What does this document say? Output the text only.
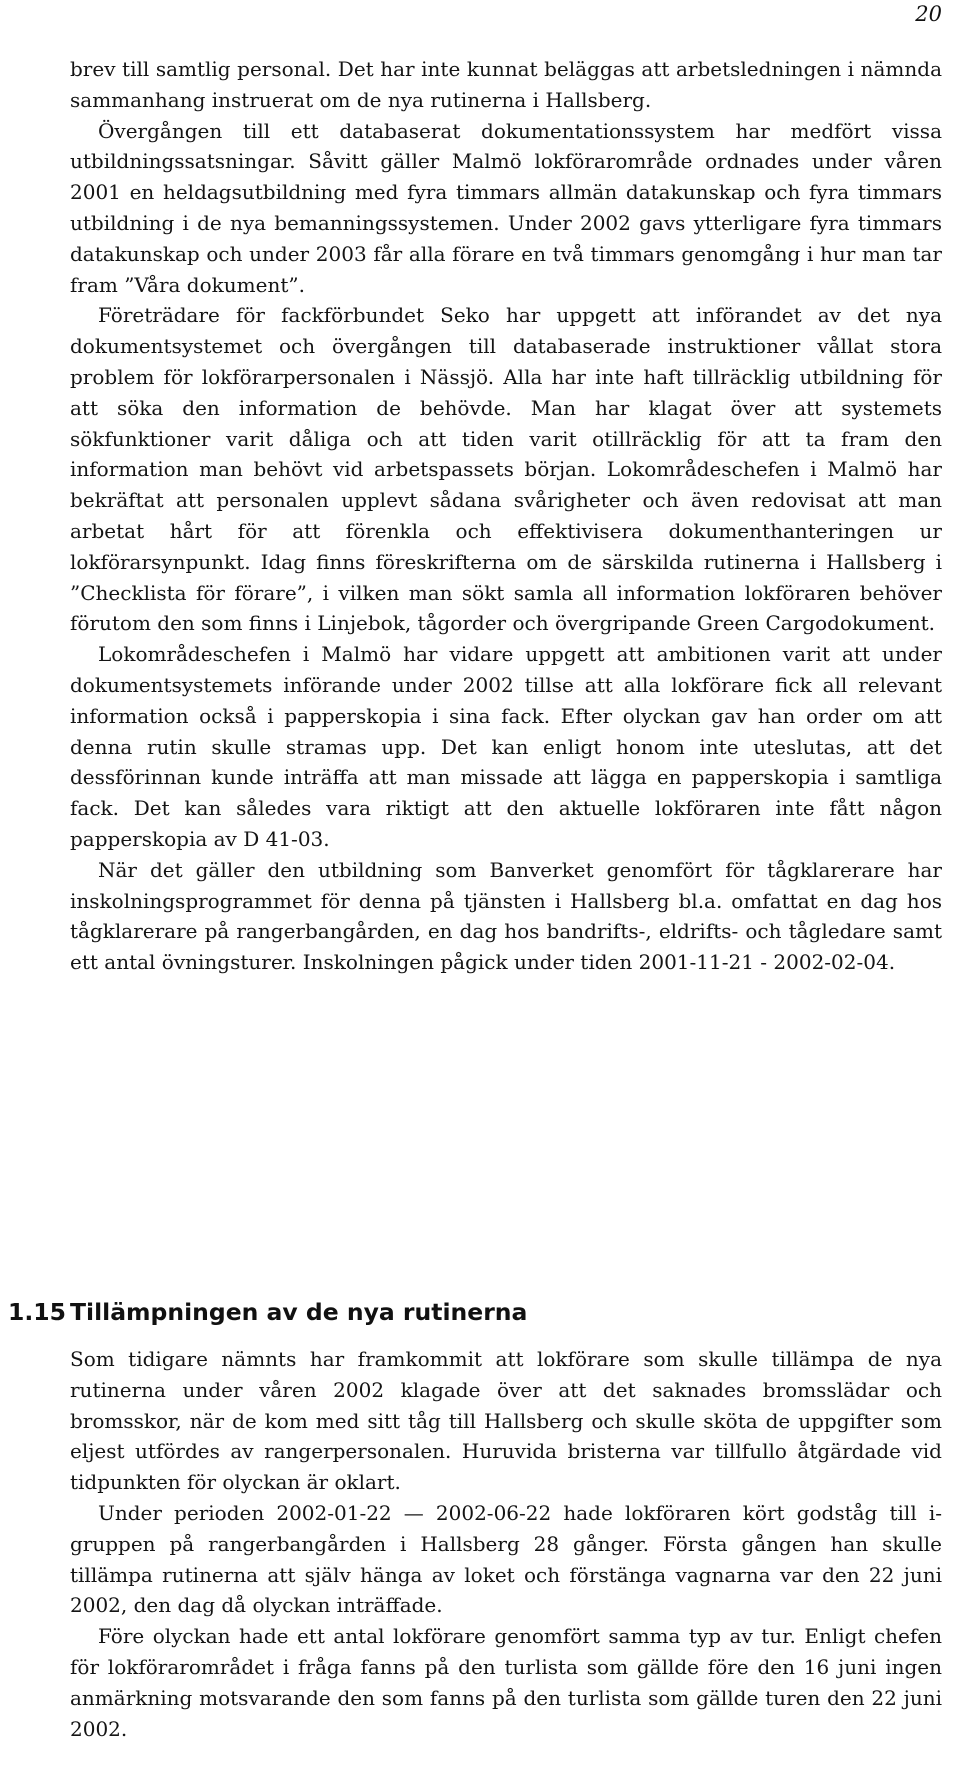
20

brev till samtlig personal. Det har inte kunnat beläggas att arbetsledningen i nämnda sammanhang instruerat om de nya rutinerna i Hallsberg.

Övergången till ett databaserat dokumentationssystem har medfört vissa utbildningssatsningar. Såvitt gäller Malmö lokförarområde ordnades under våren 2001 en heldagsutbildning med fyra timmars allmän datakunskap och fyra timmars utbildning i de nya bemanningssystemen. Under 2002 gavs ytterligare fyra timmars datakunskap och under 2003 får alla förare en två timmars genomgång i hur man tar fram ”Våra dokument”.

Företrädare för fackförbundet Seko har uppgett att införandet av det nya dokumentsystemet och övergången till databaserade instruktioner vållat stora problem för lokförarpersonalen i Nässjö. Alla har inte haft tillräcklig utbildning för att söka den information de behövde. Man har klagat över att systemets sökfunktioner varit dåliga och att tiden varit otillräcklig för att ta fram den information man behövt vid arbetspassets början. Lokområdeschefen i Malmö har bekräftat att personalen upplevt sådana svårigheter och även redovisat att man arbetat hårt för att förenkla och effektivisera dokumenthanteringen ur lokförarsynpunkt. Idag finns föreskrifterna om de särskilda rutinerna i Hallsberg i ”Checklista för förare”, i vilken man sökt samla all information lokföraren behöver förutom den som finns i Linjebok, tågorder och övergripande Green Cargodokument.

Lokområdeschefen i Malmö har vidare uppgett att ambitionen varit att under dokumentsystemets införande under 2002 tillse att alla lokförare fick all relevant information också i papperskopia i sina fack. Efter olyckan gav han order om att denna rutin skulle stramas upp. Det kan enligt honom inte uteslutas, att det dessförinnan kunde inträffa att man missade att lägga en papperskopia i samtliga fack. Det kan således vara riktigt att den aktuelle lokföraren inte fått någon papperskopia av D 41-03.

När det gäller den utbildning som Banverket genomfört för tågklarerare har inskolningsprogrammet för denna på tjänsten i Hallsberg bl.a. omfattat en dag hos tågklarerare på rangerbangården, en dag hos bandrifts-, eldrifts- och tågledare samt ett antal övningsturer. Inskolningen pågick under tiden 2001-11-21 - 2002-02-04.

1.15 Tillämpningen av de nya rutinerna

Som tidigare nämnts har framkommit att lokförare som skulle tillämpa de nya rutinerna under våren 2002 klagade över att det saknades bromsslädar och bromsskor, när de kom med sitt tåg till Hallsberg och skulle sköta de uppgifter som eljest utfördes av rangerpersonalen. Huruvida bristerna var tillfullo åtgärdade vid tidpunkten för olyckan är oklart.

Under perioden 2002-01-22 — 2002-06-22 hade lokföraren kört godståg till i-gruppen på rangerbangården i Hallsberg 28 gånger. Första gången han skulle tillämpa rutinerna att själv hänga av loket och förstänga vagnarna var den 22 juni 2002, den dag då olyckan inträffade.

Före olyckan hade ett antal lokförare genomfört samma typ av tur. Enligt chefen för lokförarområdet i fråga fanns på den turlista som gällde före den 16 juni ingen anmärkning motsvarande den som fanns på den turlista som gällde turen den 22 juni 2002.
